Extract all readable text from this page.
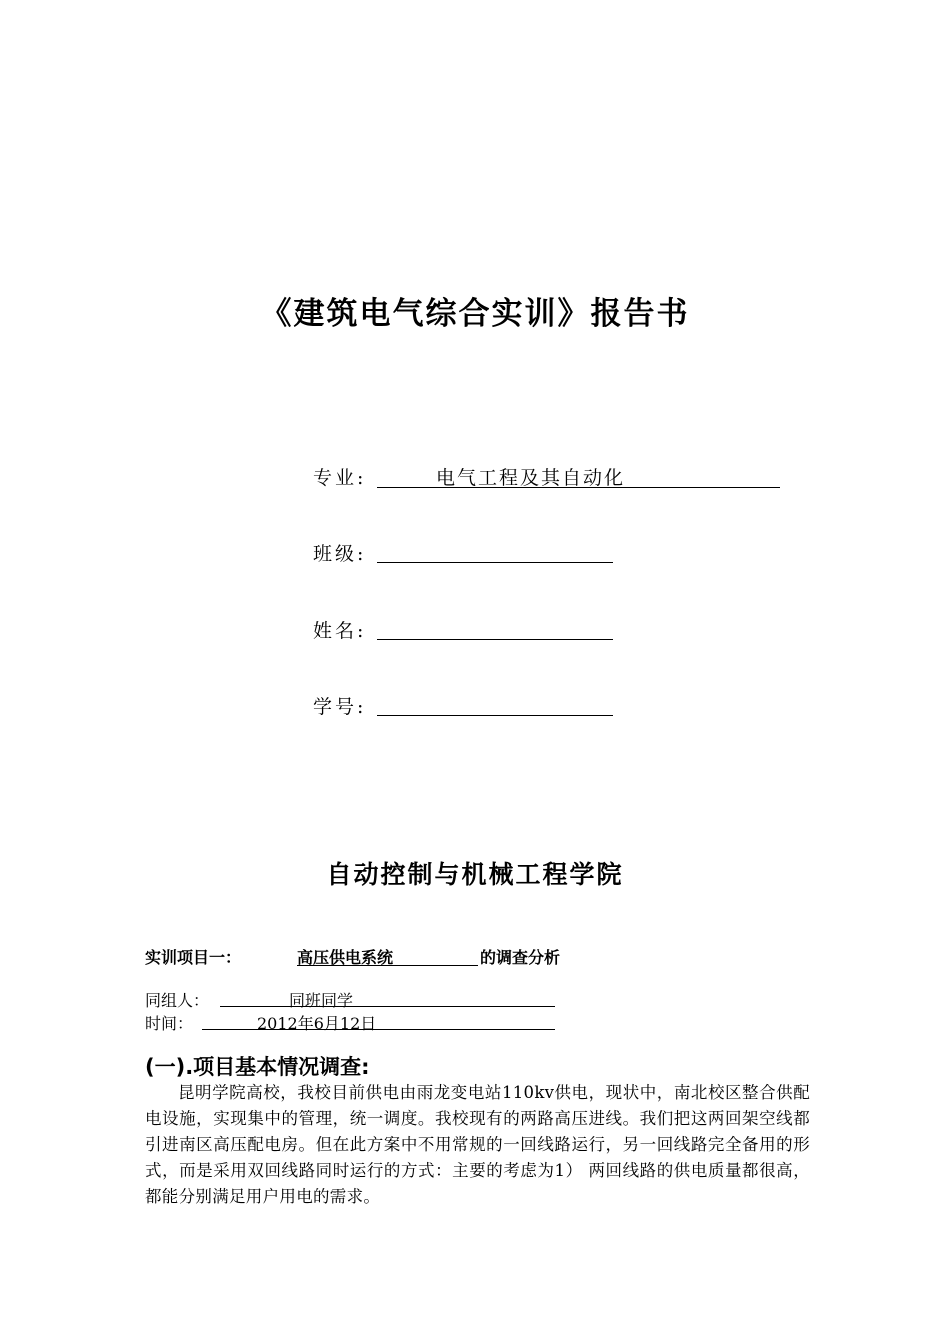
《建筑电气综合实训》报告书
专业:	电气工程及其自动化
班级:
姓名:
学号:
自动控制与机械工程学院
实训项目一：	高压供电系统	的调查分析
同组人：	同班同学
时间：	2012年6月12日
(一).项目基本情况调查:
昆明学院高校，我校目前供电由雨龙变电站110kv供电，现状中，南北校区整合供配电设施，实现集中的管理，统一调度。我校现有的两路高压进线。我们把这两回架空线都引进南区高压配电房。但在此方案中不用常规的一回线路运行，另一回线路完全备用的形式，而是采用双回线路同时运行的方式：主要的考虑为1） 两回线路的供电质量都很高，都能分别满足用户用电的需求。
